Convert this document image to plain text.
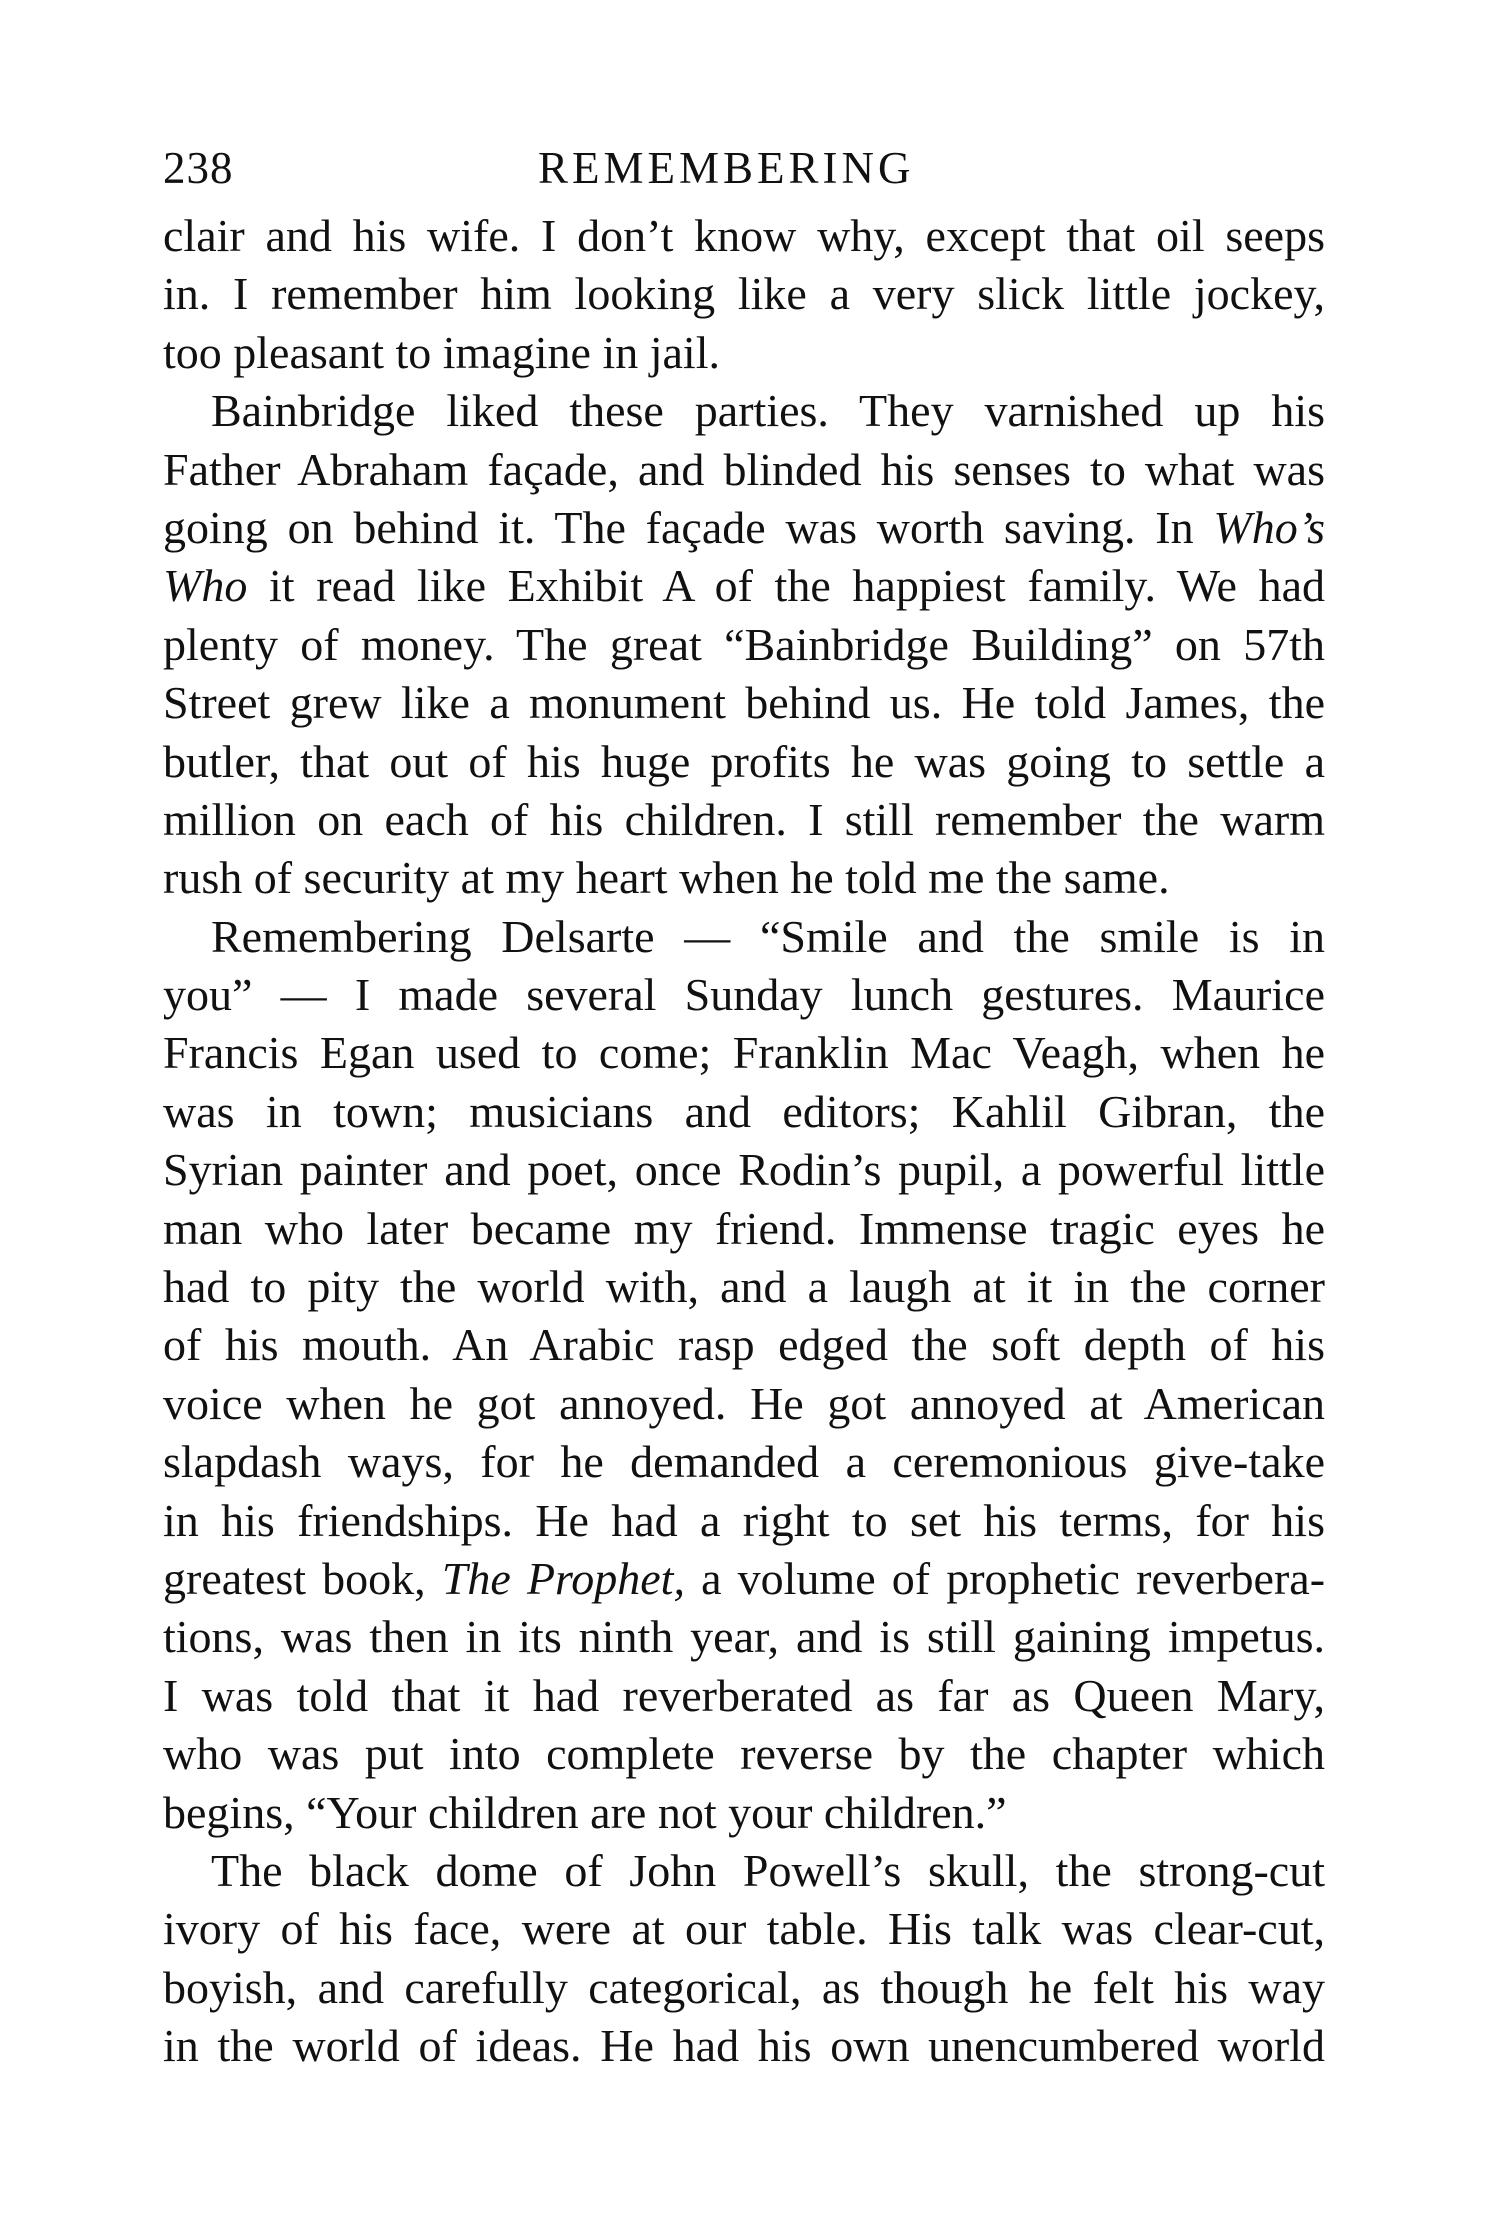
238	REMEMBERING
clair and his wife. I don’t know why, except that oil seeps
in. I remember him looking like a very slick little jockey,
too pleasant to imagine in jail.
Bainbridge liked these parties. They varnished up his
Father Abraham façade, and blinded his senses to what was
going on behind it. The façade was worth saving. In Who’s
Who it read like Exhibit A of the happiest family. We had
plenty of money. The great “Bainbridge Building” on 57th
Street grew like a monument behind us. He told James, the
butler, that out of his huge profits he was going to settle a
million on each of his children. I still remember the warm
rush of security at my heart when he told me the same.
Remembering Delsarte — “Smile and the smile is in
you” — I made several Sunday lunch gestures. Maurice
Francis Egan used to come; Franklin Mac Veagh, when he
was in town; musicians and editors; Kahlil Gibran, the
Syrian painter and poet, once Rodin’s pupil, a powerful little
man who later became my friend. Immense tragic eyes he
had to pity the world with, and a laugh at it in the corner
of his mouth. An Arabic rasp edged the soft depth of his
voice when he got annoyed. He got annoyed at American
slapdash ways, for he demanded a ceremonious give-take
in his friendships. He had a right to set his terms, for his
greatest book, The Prophet, a volume of prophetic reverbera-
tions, was then in its ninth year, and is still gaining impetus.
I was told that it had reverberated as far as Queen Mary,
who was put into complete reverse by the chapter which
begins, “Your children are not your children.”
The black dome of John Powell’s skull, the strong-cut
ivory of his face, were at our table. His talk was clear-cut,
boyish, and carefully categorical, as though he felt his way
in the world of ideas. He had his own unencumbered world
